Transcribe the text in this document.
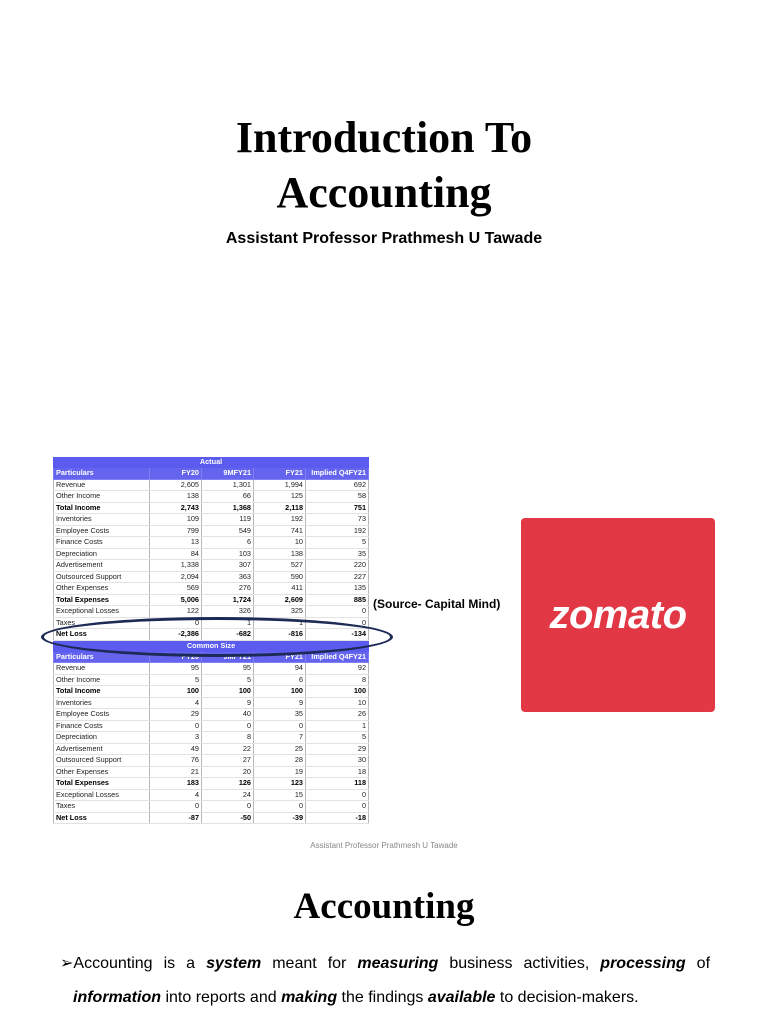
Introduction To
Accounting
Assistant Professor Prathmesh U Tawade
Actual				
Particulars	FY20	9MFY21	FY21	Implied Q4FY21
Revenue	2,605	1,301	1,994	692
Other Income	138	66	125	58
Total Income	2,743	1,368	2,118	751
Inventories	109	119	192	73
Employee Costs	799	549	741	192
Finance Costs	13	6	10	5
Depreciation	84	103	138	35
Advertisement	1,338	307	527	220
Outsourced Support	2,094	363	590	227
Other Expenses	569	276	411	135
Total Expenses	5,006	1,724	2,609	885
Exceptional Losses	122	326	325	0
Taxes	0	1	1	0
Net Loss	-2,386	-682	-816	-134
Common Size				
Particulars	FY20	9MFY21	FY21	Implied Q4FY21
Revenue	95	95	94	92
Other Income	5	5	6	8
Total Income	100	100	100	100
Inventories	4	9	9	10
Employee Costs	29	40	35	26
Finance Costs	0	0	0	1
Depreciation	3	8	7	5
Advertisement	49	22	25	29
Outsourced Support	76	27	28	30
Other Expenses	21	20	19	18
Total Expenses	183	126	123	118
Exceptional Losses	4	24	15	0
Taxes	0	0	0	0
Net Loss	-87	-50	-39	-18
(Source- Capital Mind) zomato
Assistant Professor Prathmesh U Tawade
Accounting
➢Accounting is a system meant for measuring business activities, processing of
information into reports and making the findings available to decision-makers.
